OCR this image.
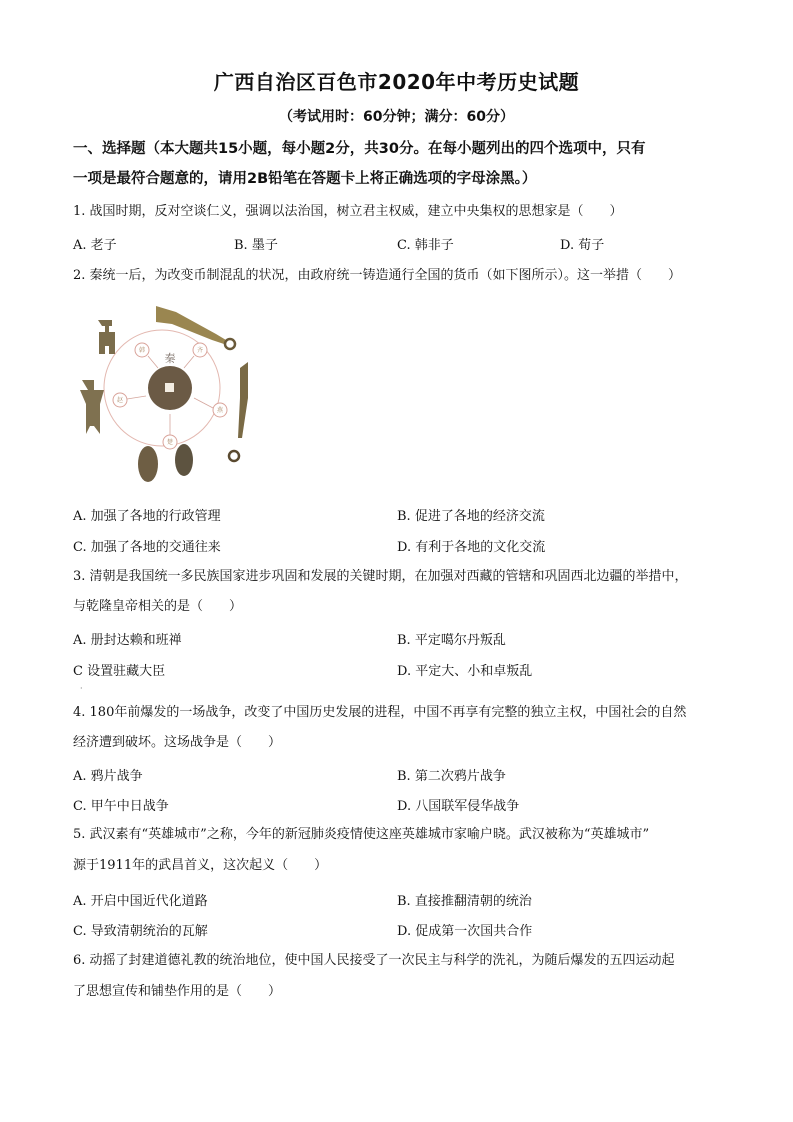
广西自治区百色市2020年中考历史试题
（考试用时：60分钟；满分：60分）
一、选择题（本大题共15小题，每小题2分，共30分。在每小题列出的四个选项中，只有
一项是最符合题意的，请用2B铅笔在答题卡上将正确选项的字母涂黑。）
1. 战国时期，反对空谈仁义，强调以法治国，树立君主权威，建立中央集权的思想家是（　　）
A. 老子	B. 墨子	C. 韩非子	D. 荀子
2. 秦统一后，为改变币制混乱的状况，由政府统一铸造通行全国的货币（如下图所示）。这一举措（　　）
韩	齐
赵
燕
楚
秦
A. 加强了各地的行政管理	B. 促进了各地的经济交流
C. 加强了各地的交通往来	D. 有利于各地的文化交流
3. 清朝是我国统一多民族国家进步巩固和发展的关键时期，在加强对西藏的管辖和巩固西北边疆的举措中，
与乾隆皇帝相关的是（　　）
A. 册封达赖和班禅	B. 平定噶尔丹叛乱
C 设置驻藏大臣	D. 平定大、小和卓叛乱
·
4. 180年前爆发的一场战争，改变了中国历史发展的进程，中国不再享有完整的独立主权，中国社会的自然
经济遭到破坏。这场战争是（　　）
A. 鸦片战争	B. 第二次鸦片战争
C. 甲午中日战争	D. 八国联军侵华战争
5. 武汉素有“英雄城市”之称，今年的新冠肺炎疫情使这座英雄城市家喻户晓。武汉被称为“英雄城市”
源于1911年的武昌首义，这次起义（　　）
A. 开启中国近代化道路	B. 直接推翻清朝的统治
C. 导致清朝统治的瓦解	D. 促成第一次国共合作
6. 动摇了封建道德礼教的统治地位，使中国人民接受了一次民主与科学的洗礼，为随后爆发的五四运动起
了思想宣传和铺垫作用的是（　　）
